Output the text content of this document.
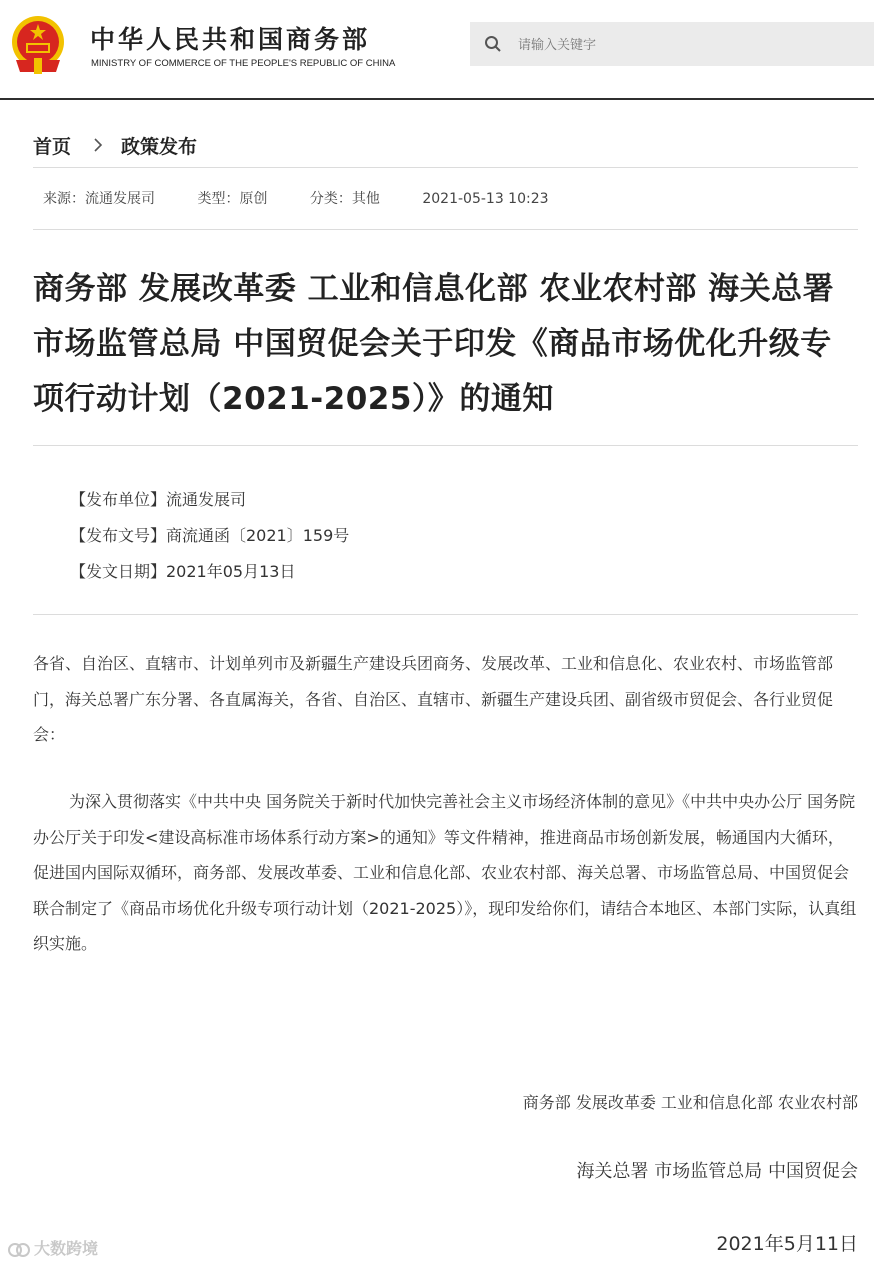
中华人民共和国商务部
MINISTRY OF COMMERCE OF THE PEOPLE'S REPUBLIC OF CHINA
请输入关键字
首页	政策发布
来源：流通发展司	类型：原创	分类：其他	2021-05-13 10:23
商务部 发展改革委 工业和信息化部 农业农村部 海关总署 市场监管总局 中国贸促会关于印发《商品市场优化升级专项行动计划（2021-2025）》的通知
【发布单位】流通发展司
【发布文号】商流通函〔2021〕159号
【发文日期】2021年05月13日

各省、自治区、直辖市、计划单列市及新疆生产建设兵团商务、发展改革、工业和信息化、农业农村、市场监管部门，海关总署广东分署、各直属海关，各省、自治区、直辖市、新疆生产建设兵团、副省级市贸促会、各行业贸促会：

为深入贯彻落实《中共中央 国务院关于新时代加快完善社会主义市场经济体制的意见》《中共中央办公厅 国务院办公厅关于印发<建设高标准市场体系行动方案>的通知》等文件精神，推进商品市场创新发展，畅通国内大循环，促进国内国际双循环，商务部、发展改革委、工业和信息化部、农业农村部、海关总署、市场监管总局、中国贸促会联合制定了《商品市场优化升级专项行动计划（2021-2025）》，现印发给你们，请结合本地区、本部门实际，认真组织实施。

商务部 发展改革委 工业和信息化部 农业农村部
海关总署 市场监管总局 中国贸促会
2021年5月11日
大数跨境
